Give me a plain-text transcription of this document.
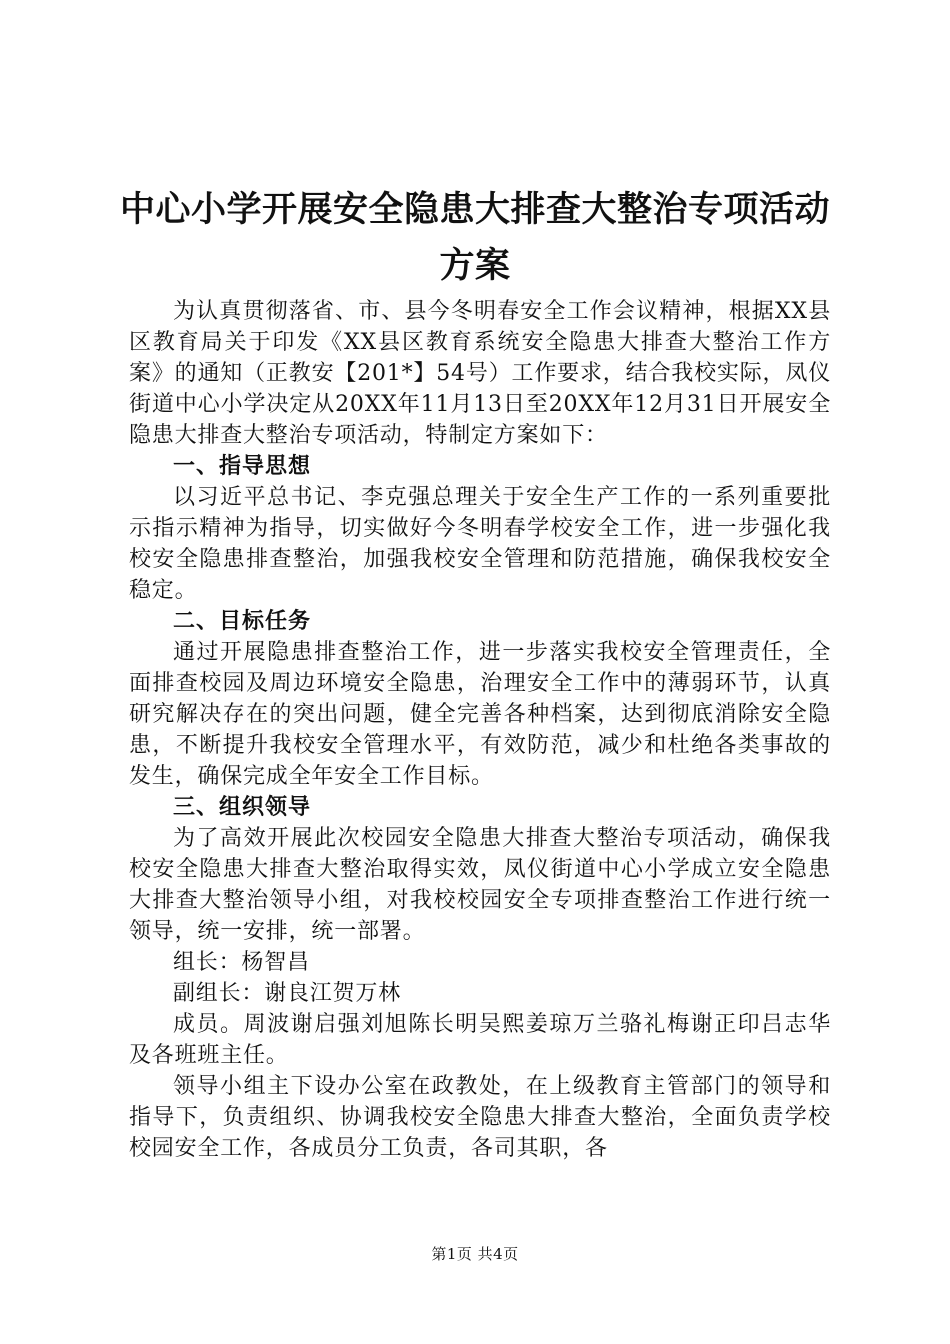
中心小学开展安全隐患大排查大整治专项活动方案

为认真贯彻落省、市、县今冬明春安全工作会议精神，根据XX县区教育局关于印发《XX县区教育系统安全隐患大排查大整治工作方案》的通知（正教安【201*】54号）工作要求，结合我校实际，凤仪街道中心小学决定从20XX年11月13日至20XX年12月31日开展安全隐患大排查大整治专项活动，特制定方案如下：

一、指导思想

以习近平总书记、李克强总理关于安全生产工作的一系列重要批示指示精神为指导，切实做好今冬明春学校安全工作，进一步强化我校安全隐患排查整治，加强我校安全管理和防范措施，确保我校安全稳定。

二、目标任务

通过开展隐患排查整治工作，进一步落实我校安全管理责任，全面排查校园及周边环境安全隐患，治理安全工作中的薄弱环节，认真研究解决存在的突出问题，健全完善各种档案，达到彻底消除安全隐患，不断提升我校安全管理水平，有效防范，减少和杜绝各类事故的发生，确保完成全年安全工作目标。

三、组织领导

为了高效开展此次校园安全隐患大排查大整治专项活动，确保我校安全隐患大排查大整治取得实效，凤仪街道中心小学成立安全隐患大排查大整治领导小组，对我校校园安全专项排查整治工作进行统一领导，统一安排，统一部署。

组长：杨智昌

副组长：谢良江贺万林

成员。周波谢启强刘旭陈长明吴熙姜琼万兰骆礼梅谢正印吕志华及各班班主任。

领导小组主下设办公室在政教处，在上级教育主管部门的领导和指导下，负责组织、协调我校安全隐患大排查大整治，全面负责学校校园安全工作，各成员分工负责，各司其职，各

第1页 共4页
